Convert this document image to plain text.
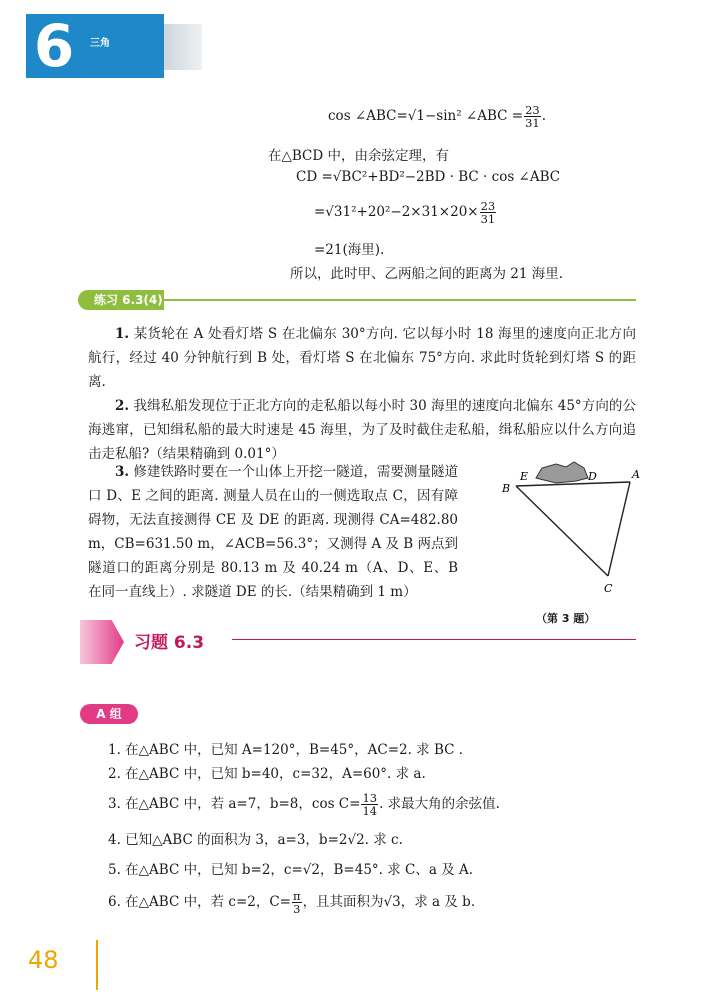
6	三角
cos ∠ABC=√1−sin² ∠ABC = $\frac{23}{31}$ .
在△BCD 中，由余弦定理，有
CD =√BC²+BD²−2BD · BC · cos ∠ABC
$=√31^2+20^2-2\times 31\times 20\times \frac{23}{31}$
=21(海里).
所以，此时甲、乙两船之间的距离为 21 海里.
练习 6.3(4)
1. 某货轮在 A 处看灯塔 S 在北偏东 30°方向. 它以每小时 18 海里的速度向正北方向航行，经过 40 分钟航行到 B 处，看灯塔 S 在北偏东 75°方向. 求此时货轮到灯塔 S 的距离.
2. 我缉私船发现位于正北方向的走私船以每小时 30 海里的速度向北偏东 45°方向的公海逃窜，已知缉私船的最大时速是 45 海里，为了及时截住走私船，缉私船应以什么方向追击走私船?（结果精确到 0.01°）
3. 修建铁路时要在一个山体上开挖一隧道，需要测量隧道口 D、E 之间的距离. 测量人员在山的一侧选取点 C，因有障碍物，无法直接测得 CE 及 DE 的距离. 现测得 CA=482.80 m，CB=631.50 m，∠ACB=56.3°；又测得 A 及 B 两点到隧道口的距离分别是 80.13 m 及 40.24 m（A、D、E、B 在同一直线上）. 求隧道 DE 的长.（结果精确到 1 m）
B
E	D	A
C
（第 3 题）
习题 6.3
A 组
1. 在△ABC 中，已知 A=120°，B=45°，AC=2. 求 BC .
2. 在△ABC 中，已知 b=40，c=32，A=60°. 求 a.
3. 在△ABC 中，若 a=7，b=8，$\cos C= \frac{13}{14}$ . 求最大角的余弦值.
4. 已知△ABC 的面积为 3，a=3，b=2√2. 求 c.
5. 在△ABC 中，已知 b=2，c=√2，B=45°. 求 C、a 及 A.
6. 在△ABC 中，若 c=2，$C= \frac{\pi}{3}$ ，且其面积为√3，求 a 及 b.
48
